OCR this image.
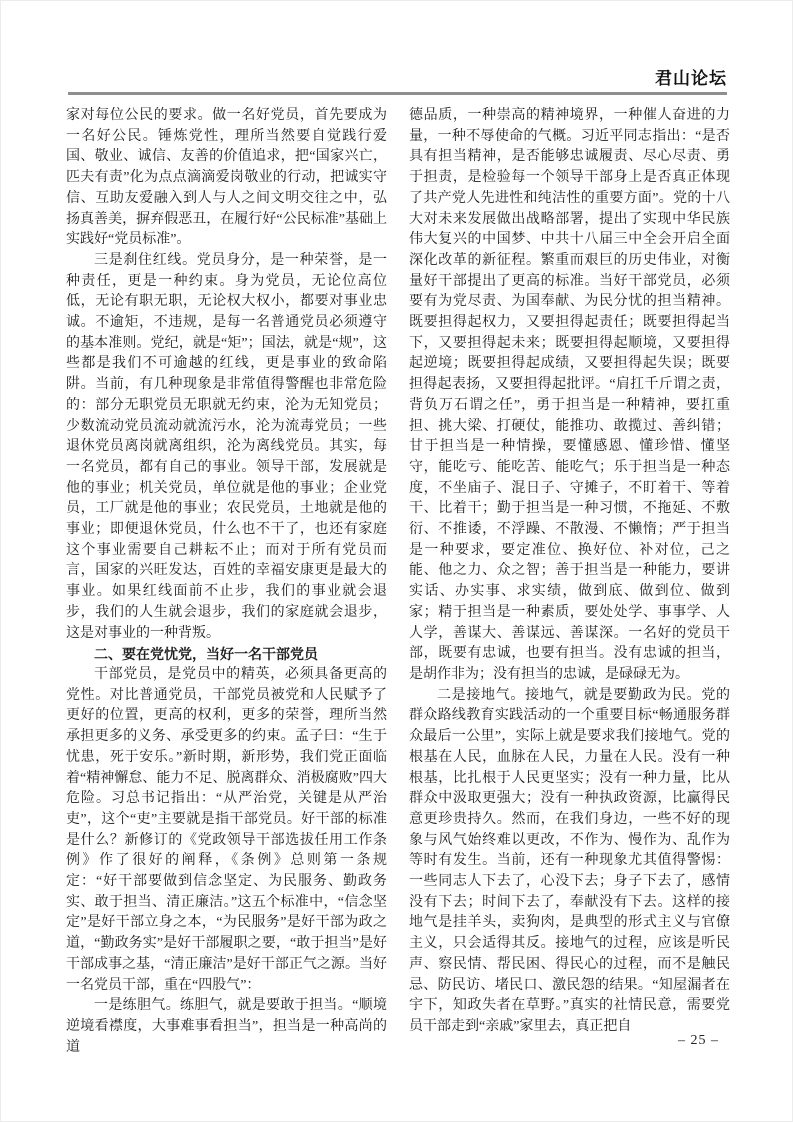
君山论坛

家对每位公民的要求。做一名好党员，首先要成为一名好公民。锤炼党性，理所当然要自觉践行爱国、敬业、诚信、友善的价值追求，把“国家兴亡，匹夫有责”化为点点滴滴爱岗敬业的行动，把诚实守信、互助友爱融入到人与人之间文明交往之中，弘扬真善美，摒弃假恶丑，在履行好“公民标准”基础上实践好“党员标准”。

三是刹住红线。党员身分，是一种荣誉，是一种责任，更是一种约束。身为党员，无论位高位低，无论有职无职，无论权大权小，都要对事业忠诚。不逾矩，不违规，是每一名普通党员必须遵守的基本准则。党纪，就是“矩”；国法，就是“规”，这些都是我们不可逾越的红线，更是事业的致命陷阱。当前，有几种现象是非常值得警醒也非常危险的：部分无职党员无职就无约束，沦为无知党员；少数流动党员流动就流污水，沦为流毒党员；一些退休党员离岗就离组织，沦为离线党员。其实，每一名党员，都有自己的事业。领导干部，发展就是他的事业；机关党员，单位就是他的事业；企业党员，工厂就是他的事业；农民党员，土地就是他的事业；即便退休党员，什么也不干了，也还有家庭这个事业需要自己耕耘不止；而对于所有党员而言，国家的兴旺发达，百姓的幸福安康更是最大的事业。如果红线面前不止步，我们的事业就会退步，我们的人生就会退步，我们的家庭就会退步，这是对事业的一种背叛。

二、要在党忧党，当好一名干部党员

干部党员，是党员中的精英，必须具备更高的党性。对比普通党员，干部党员被党和人民赋予了更好的位置，更高的权利，更多的荣誉，理所当然承担更多的义务、承受更多的约束。孟子曰：“生于忧患，死于安乐。”新时期，新形势，我们党正面临着“精神懈怠、能力不足、脱离群众、消极腐败”四大危险。习总书记指出：“从严治党，关键是从严治吏”，这个“吏”主要就是指干部党员。好干部的标准是什么？新修订的《党政领导干部选拔任用工作条例》作了很好的阐释，《条例》总则第一条规定：“好干部要做到信念坚定、为民服务、勤政务实、敢于担当、清正廉洁。”这五个标准中，“信念坚定”是好干部立身之本，“为民服务”是好干部为政之道，“勤政务实”是好干部履职之要，“敢于担当”是好干部成事之基，“清正廉洁”是好干部正气之源。当好一名党员干部，重在“四股气”：

一是练胆气。练胆气，就是要敢于担当。“顺境逆境看襟度，大事难事看担当”，担当是一种高尚的道

德品质，一种崇高的精神境界，一种催人奋进的力量，一种不辱使命的气概。习近平同志指出：“是否具有担当精神，是否能够忠诚履责、尽心尽责、勇于担责，是检验每一个领导干部身上是否真正体现了共产党人先进性和纯洁性的重要方面”。党的十八大对未来发展做出战略部署，提出了实现中华民族伟大复兴的中国梦、中共十八届三中全会开启全面深化改革的新征程。繁重而艰巨的历史伟业，对衡量好干部提出了更高的标准。当好干部党员，必须要有为党尽责、为国奉献、为民分忧的担当精神。既要担得起权力，又要担得起责任；既要担得起当下，又要担得起未来；既要担得起顺境，又要担得起逆境；既要担得起成绩，又要担得起失误；既要担得起表扬，又要担得起批评。“肩扛千斤谓之责，背负万石谓之任”，勇于担当是一种精神，要扛重担、挑大梁、打硬仗，能推功、敢揽过、善纠错；甘于担当是一种情操，要懂感恩、懂珍惜、懂坚守，能吃亏、能吃苦、能吃气；乐于担当是一种态度，不坐庙子、混日子、守摊子，不盯着干、等着干、比着干；勤于担当是一种习惯，不拖延、不敷衍、不推诿，不浮躁、不散漫、不懒惰；严于担当是一种要求，要定准位、换好位、补对位，己之能、他之力、众之智；善于担当是一种能力，要讲实话、办实事、求实绩，做到底、做到位、做到家；精于担当是一种素质，要处处学、事事学、人人学，善谋大、善谋远、善谋深。一名好的党员干部，既要有忠诚，也要有担当。没有忠诚的担当，是胡作非为；没有担当的忠诚，是碌碌无为。

二是接地气。接地气，就是要勤政为民。党的群众路线教育实践活动的一个重要目标“畅通服务群众最后一公里”，实际上就是要求我们接地气。党的根基在人民，血脉在人民，力量在人民。没有一种根基，比扎根于人民更坚实；没有一种力量，比从群众中汲取更强大；没有一种执政资源，比赢得民意更珍贵持久。然而，在我们身边，一些不好的现象与风气始终难以更改，不作为、慢作为、乱作为等时有发生。当前，还有一种现象尤其值得警惕：一些同志人下去了，心没下去；身子下去了，感情没有下去；时间下去了，奉献没有下去。这样的接地气是挂羊头，卖狗肉，是典型的形式主义与官僚主义，只会适得其反。接地气的过程，应该是听民声、察民情、帮民困、得民心的过程，而不是触民忌、防民访、堵民口、激民怨的结果。“知屋漏者在宇下，知政失者在草野。”真实的社情民意，需要党员干部走到“亲戚”家里去，真正把自

– 25 –
